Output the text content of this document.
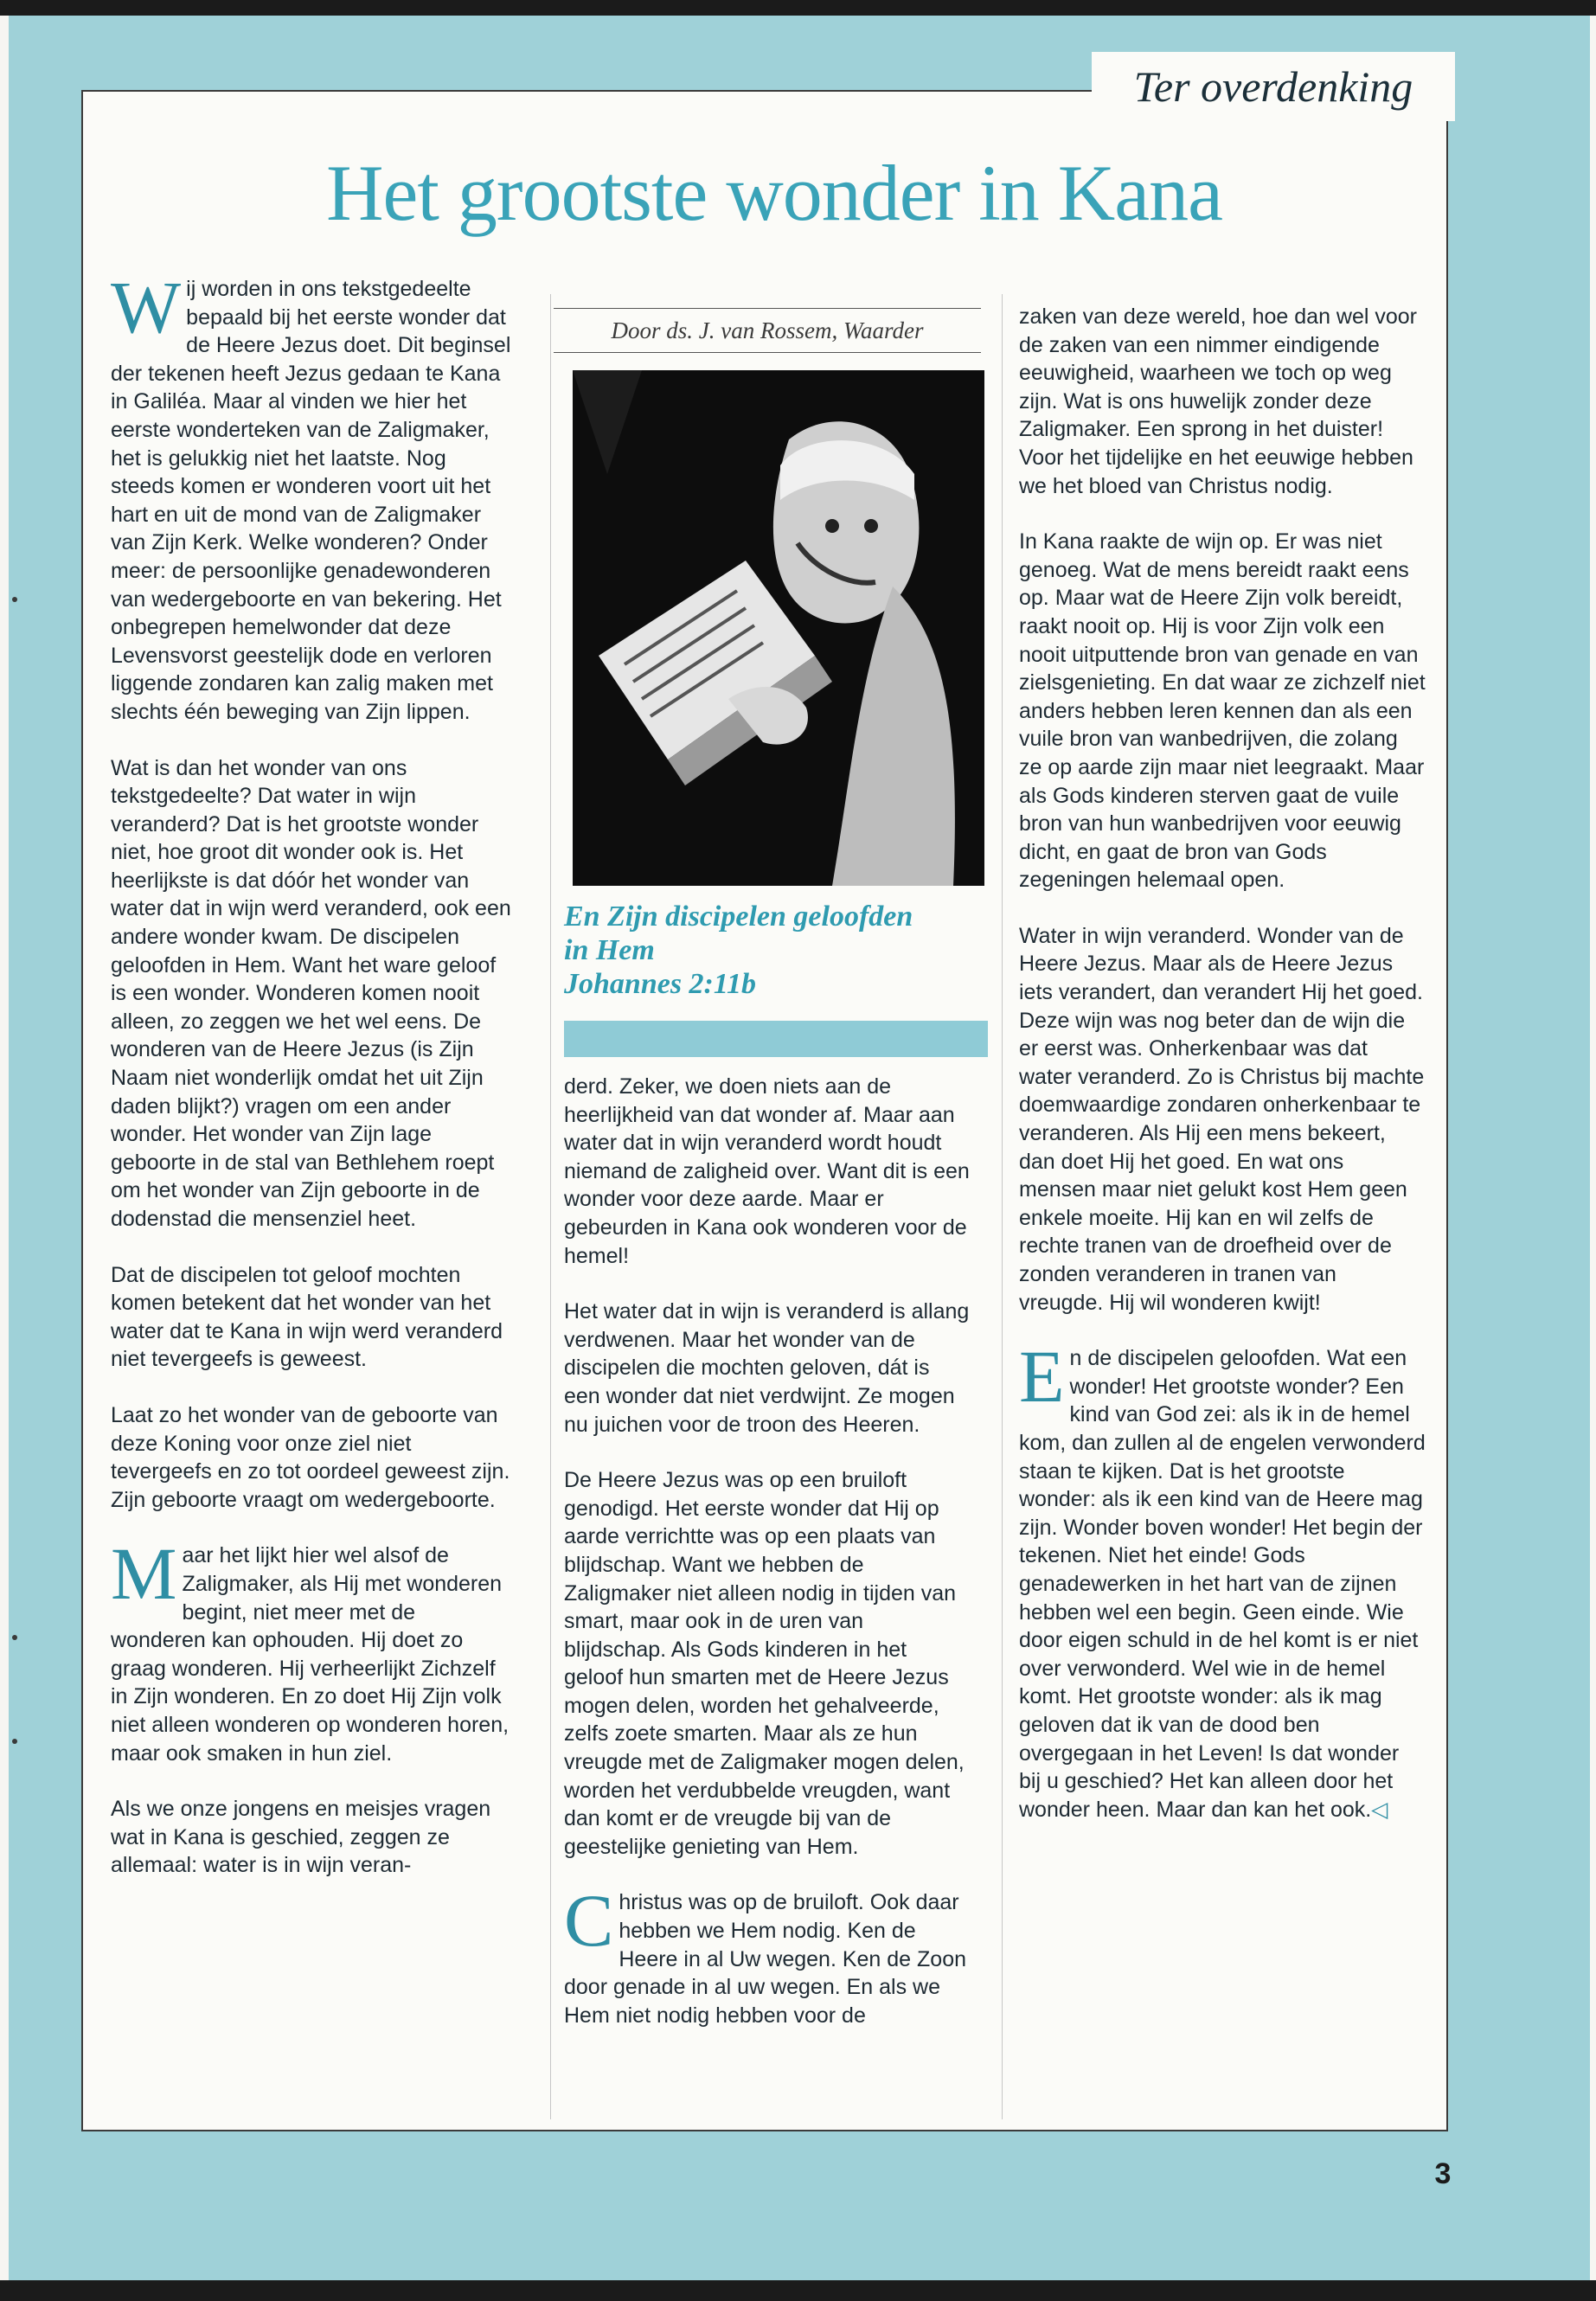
Ter overdenking
Het grootste wonder in Kana

Wij worden in ons tekstgedeelte bepaald bij het eerste wonder dat de Heere Jezus doet. Dit beginsel der tekenen heeft Jezus gedaan te Kana in Galiléa. Maar al vinden we hier het eerste wonderteken van de Zaligmaker, het is gelukkig niet het laatste. Nog steeds komen er wonderen voort uit het hart en uit de mond van de Zaligmaker van Zijn Kerk. Welke wonderen? Onder meer: de persoonlijke genadewonderen van wedergeboorte en van bekering. Het onbegrepen hemelwonder dat deze Levensvorst geestelijk dode en verloren liggende zondaren kan zalig maken met slechts één beweging van Zijn lippen.

Wat is dan het wonder van ons tekstgedeelte? Dat water in wijn veranderd? Dat is het grootste wonder niet, hoe groot dit wonder ook is. Het heerlijkste is dat dóór het wonder van water dat in wijn werd veranderd, ook een andere wonder kwam. De discipelen geloofden in Hem. Want het ware geloof is een wonder. Wonderen komen nooit alleen, zo zeggen we het wel eens. De wonderen van de Heere Jezus (is Zijn Naam niet wonderlijk omdat het uit Zijn daden blijkt?) vragen om een ander wonder. Het wonder van Zijn lage geboorte in de stal van Bethlehem roept om het wonder van Zijn geboorte in de dodenstad die mensenziel heet.

Dat de discipelen tot geloof mochten komen betekent dat het wonder van het water dat te Kana in wijn werd veranderd niet tevergeefs is geweest.

Laat zo het wonder van de geboorte van deze Koning voor onze ziel niet tevergeefs en zo tot oordeel geweest zijn. Zijn geboorte vraagt om wedergeboorte.

Maar het lijkt hier wel alsof de Zaligmaker, als Hij met wonderen begint, niet meer met de wonderen kan ophouden. Hij doet zo graag wonderen. Hij verheerlijkt Zichzelf in Zijn wonderen. En zo doet Hij Zijn volk niet alleen wonderen op wonderen horen, maar ook smaken in hun ziel.

Als we onze jongens en meisjes vragen wat in Kana is geschied, zeggen ze allemaal: water is in wijn veran-

Door ds. J. van Rossem, Waarder
En Zijn discipelen geloofden
in Hem
Johannes 2:11b

derd. Zeker, we doen niets aan de heerlijkheid van dat wonder af. Maar aan water dat in wijn veranderd wordt houdt niemand de zaligheid over. Want dit is een wonder voor deze aarde. Maar er gebeurden in Kana ook wonderen voor de hemel!

Het water dat in wijn is veranderd is allang verdwenen. Maar het wonder van de discipelen die mochten geloven, dát is een wonder dat niet verdwijnt. Ze mogen nu juichen voor de troon des Heeren.

De Heere Jezus was op een bruiloft genodigd. Het eerste wonder dat Hij op aarde verrichtte was op een plaats van blijdschap. Want we hebben de Zaligmaker niet alleen nodig in tijden van smart, maar ook in de uren van blijdschap. Als Gods kinderen in het geloof hun smarten met de Heere Jezus mogen delen, worden het gehalveerde, zelfs zoete smarten. Maar als ze hun vreugde met de Zaligmaker mogen delen, worden het verdubbelde vreugden, want dan komt er de vreugde bij van de geestelijke genieting van Hem.

Christus was op de bruiloft. Ook daar hebben we Hem nodig. Ken de Heere in al Uw wegen. Ken de Zoon door genade in al uw wegen. En als we Hem niet nodig hebben voor de

zaken van deze wereld, hoe dan wel voor de zaken van een nimmer eindigende eeuwigheid, waarheen we toch op weg zijn. Wat is ons huwelijk zonder deze Zaligmaker. Een sprong in het duister! Voor het tijdelijke en het eeuwige hebben we het bloed van Christus nodig.

In Kana raakte de wijn op. Er was niet genoeg. Wat de mens bereidt raakt eens op. Maar wat de Heere Zijn volk bereidt, raakt nooit op. Hij is voor Zijn volk een nooit uitputtende bron van genade en van zielsgenieting. En dat waar ze zichzelf niet anders hebben leren kennen dan als een vuile bron van wanbedrijven, die zolang ze op aarde zijn maar niet leegraakt. Maar als Gods kinderen sterven gaat de vuile bron van hun wanbedrijven voor eeuwig dicht, en gaat de bron van Gods zegeningen helemaal open.

Water in wijn veranderd. Wonder van de Heere Jezus. Maar als de Heere Jezus iets verandert, dan verandert Hij het goed. Deze wijn was nog beter dan de wijn die er eerst was. Onherkenbaar was dat water veranderd. Zo is Christus bij machte doemwaardige zondaren onherkenbaar te veranderen. Als Hij een mens bekeert, dan doet Hij het goed. En wat ons mensen maar niet gelukt kost Hem geen enkele moeite. Hij kan en wil zelfs de rechte tranen van de droefheid over de zonden veranderen in tranen van vreugde. Hij wil wonderen kwijt!

En de discipelen geloofden. Wat een wonder! Het grootste wonder? Een kind van God zei: als ik in de hemel kom, dan zullen al de engelen verwonderd staan te kijken. Dat is het grootste wonder: als ik een kind van de Heere mag zijn. Wonder boven wonder! Het begin der tekenen. Niet het einde! Gods genadewerken in het hart van de zijnen hebben wel een begin. Geen einde. Wie door eigen schuld in de hel komt is er niet over verwonderd. Wel wie in de hemel komt. Het grootste wonder: als ik mag geloven dat ik van de dood ben overgegaan in het Leven! Is dat wonder bij u geschied? Het kan alleen door het wonder heen. Maar dan kan het ook.◁

3
